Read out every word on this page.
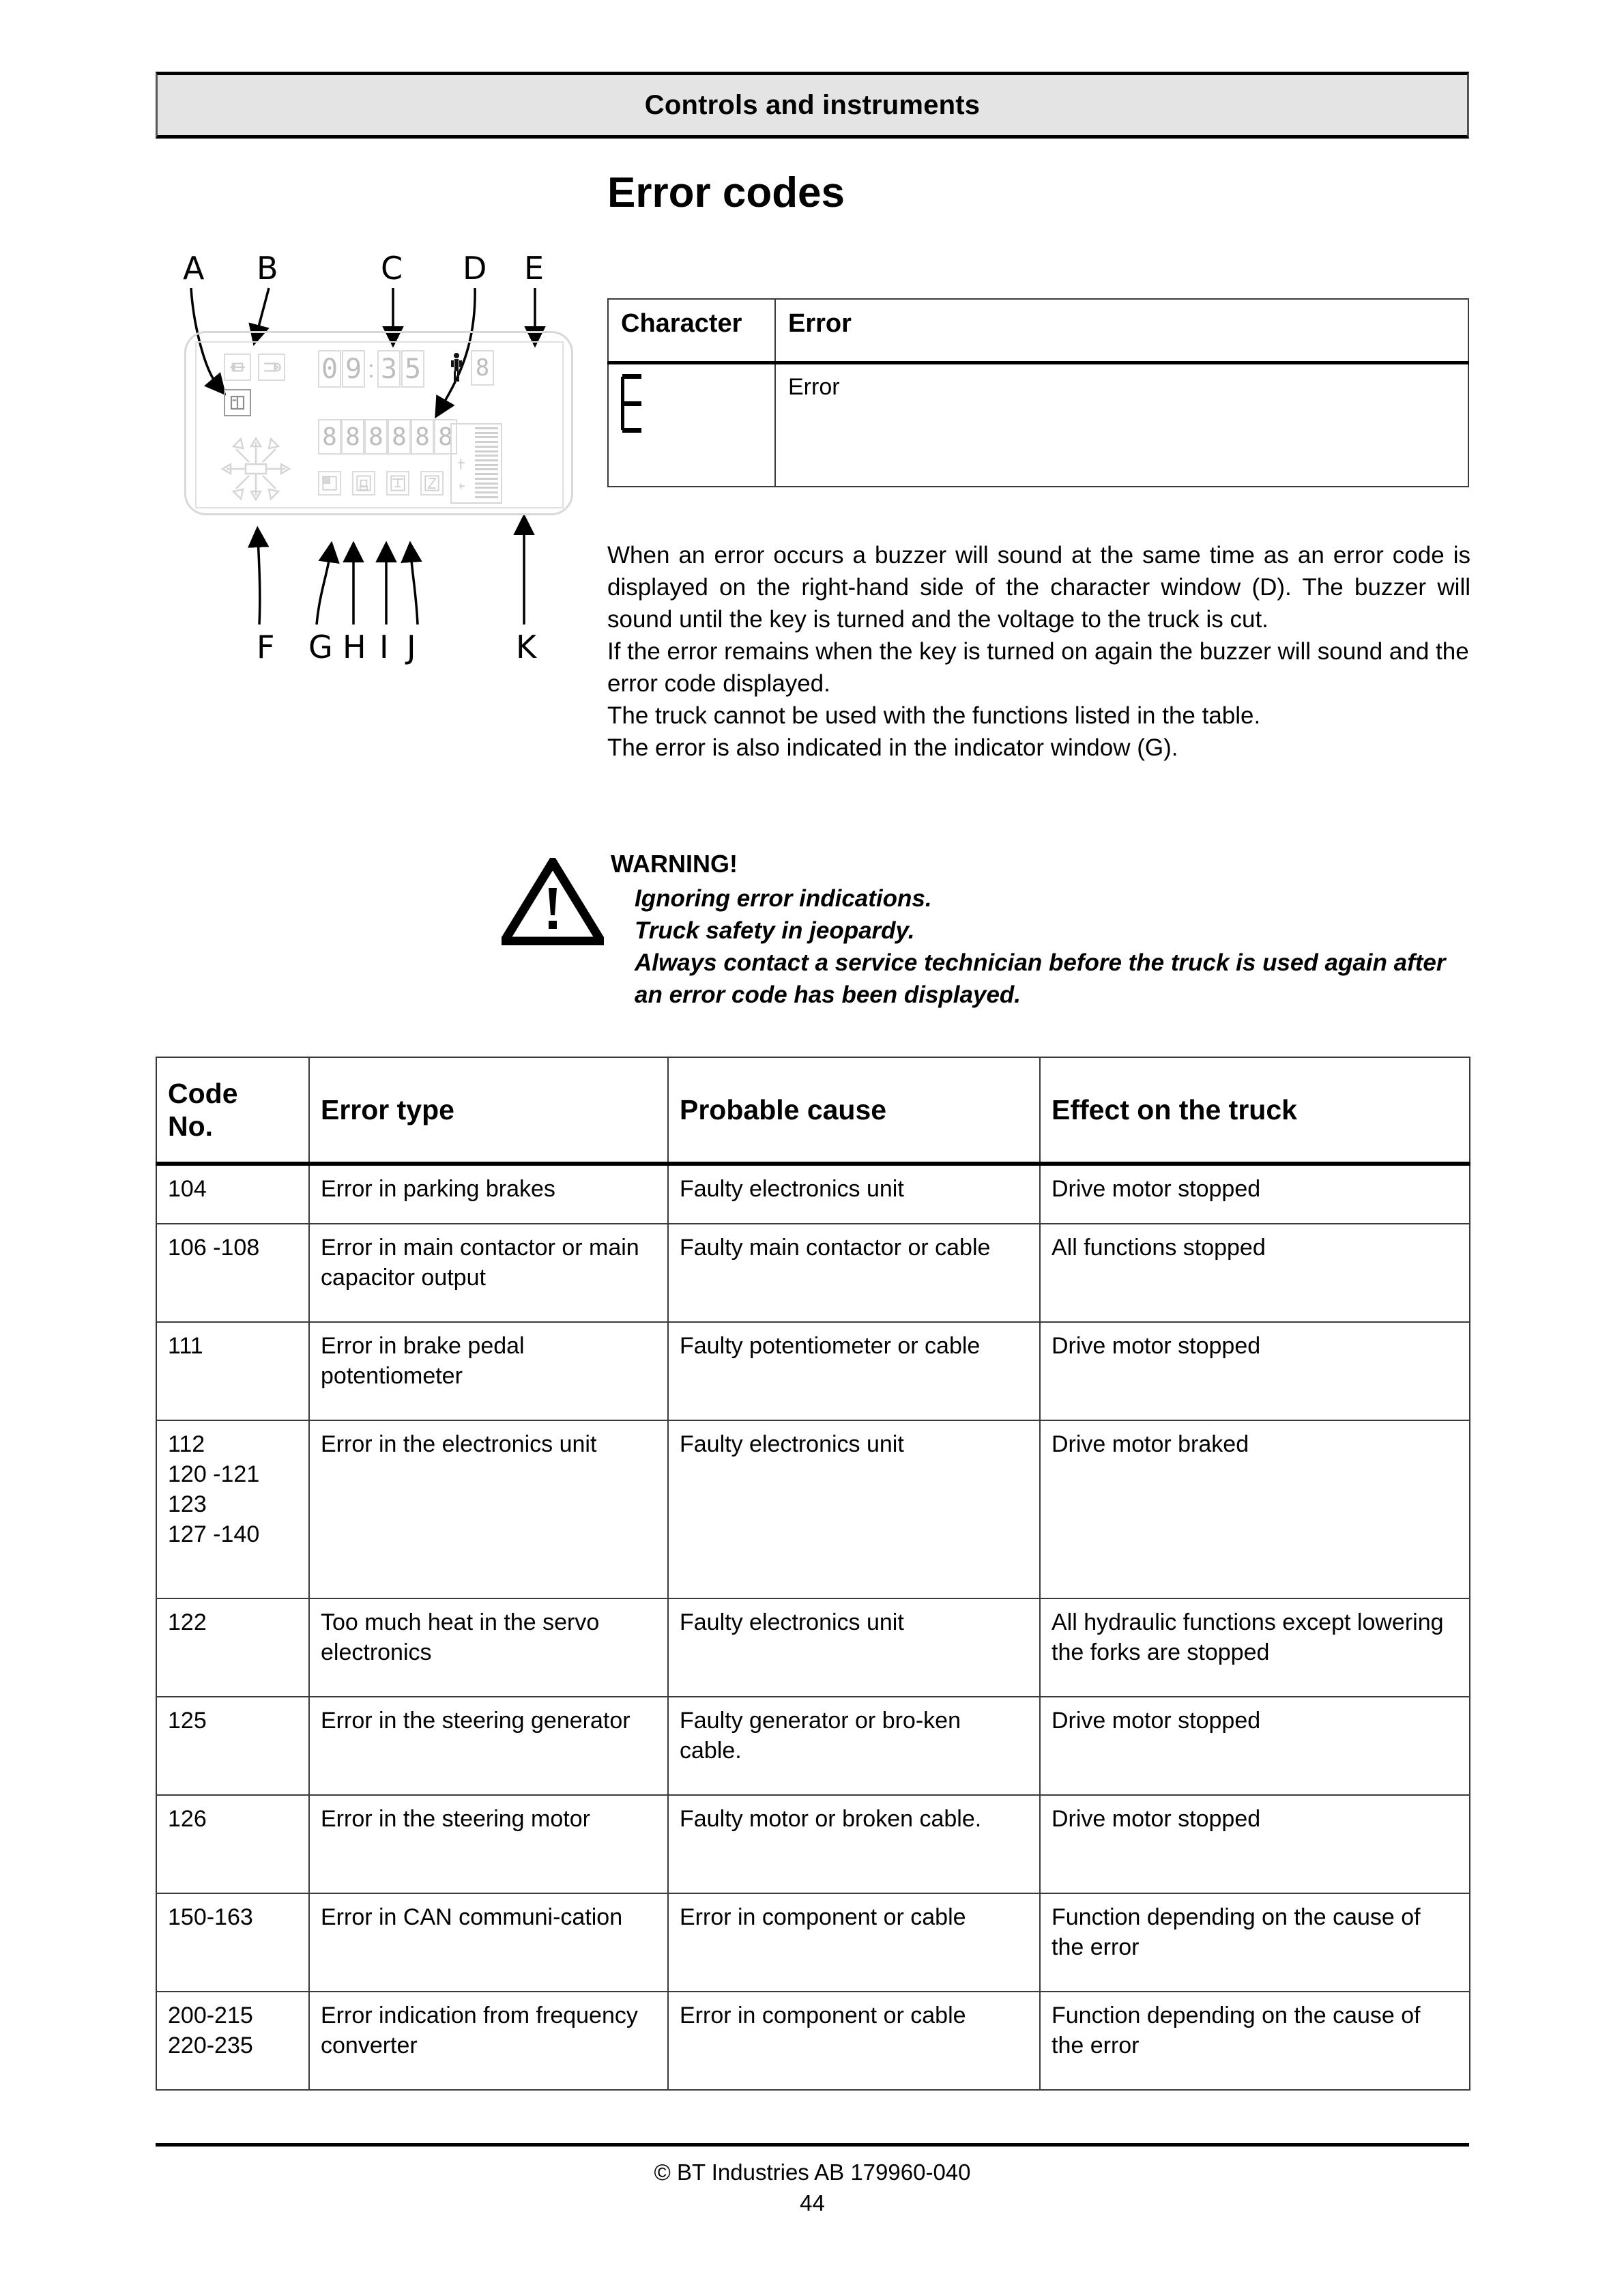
Controls and instruments
Error codes
A B	C D E
F G H I J	K
0 9 : 3 5
8 8 8 8 8 8
8
Character	Error

	Error

When an error occurs a buzzer will sound at the same time as an error code is displayed on the right-hand side of the character window (D). The buzzer will sound until the key is turned and the voltage to the truck is cut.

If the error remains when the key is turned on again the buzzer will sound and the error code displayed.

The truck cannot be used with the functions listed in the table.

The error is also indicated in the indicator window (G).

WARNING!

Ignoring error indications.

Truck safety in jeopardy.

Always contact a service technician before the truck is used again after an error code has been displayed.

Code
No.	Error type	Probable cause	Effect on the truck

104	Error in parking brakes	Faulty electronics unit	Drive motor stopped

106 -108	Error in main contactor or main capacitor output	Faulty main contactor or cable	All functions stopped

111	Error in brake pedal potentiometer	Faulty potentiometer or cable	Drive motor stopped

112
120 -121
123
127 -140	Error in the electronics unit	Faulty electronics unit	Drive motor braked

122	Too much heat in the servo electronics	Faulty electronics unit	All hydraulic functions except lowering the forks are stopped

125	Error in the steering generator	Faulty generator or bro-ken cable.	Drive motor stopped

126	Error in the steering motor	Faulty motor or broken cable.	Drive motor stopped

150-163	Error in CAN communi-cation	Error in component or cable	Function depending on the cause of the error

200-215
220-235	Error indication from frequency converter	Error in component or cable	Function depending on the cause of the error
© BT Industries AB 179960-040
44
